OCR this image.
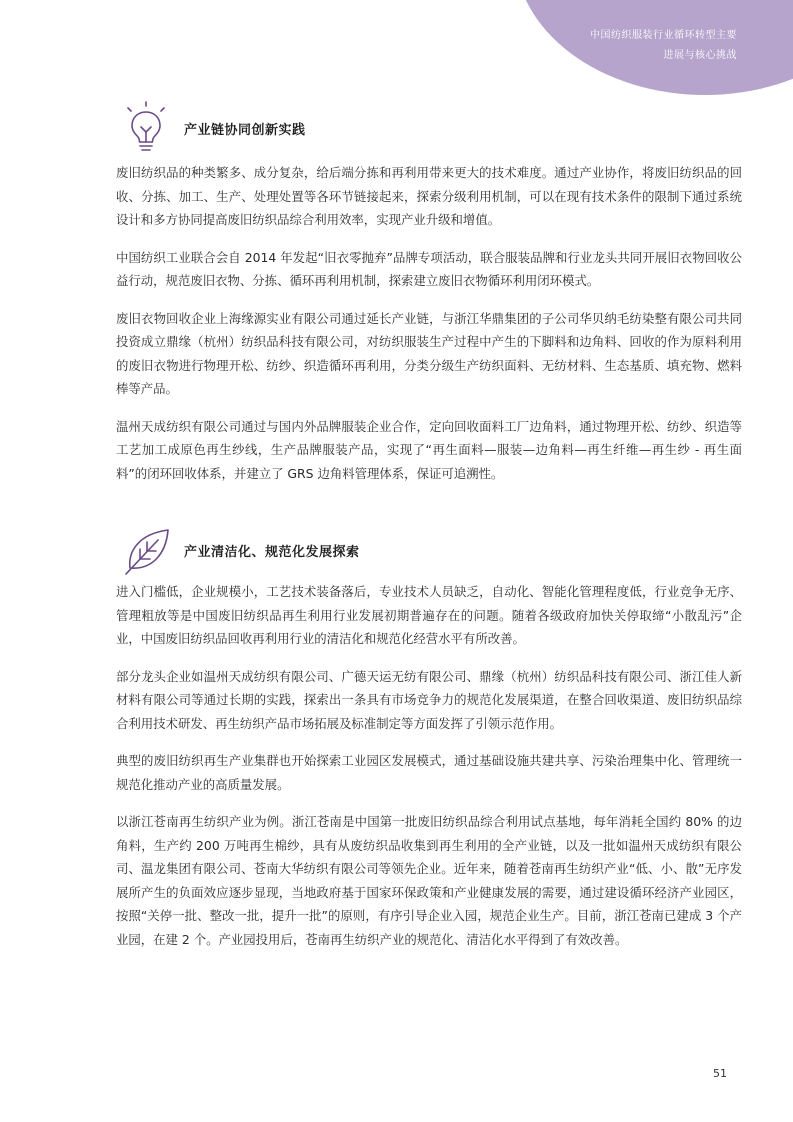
中国纺织服装行业循环转型主要
进展与核心挑战
产业链协同创新实践

废旧纺织品的种类繁多、成分复杂，给后端分拣和再利用带来更大的技术难度。通过产业协作，将废旧纺织品的回收、分拣、加工、生产、处理处置等各环节链接起来，探索分级利用机制，可以在现有技术条件的限制下通过系统设计和多方协同提高废旧纺织品综合利用效率，实现产业升级和增值。

中国纺织工业联合会自 2014 年发起“旧衣零抛弃”品牌专项活动，联合服装品牌和行业龙头共同开展旧衣物回收公益行动，规范废旧衣物、分拣、循环再利用机制，探索建立废旧衣物循环利用闭环模式。

废旧衣物回收企业上海缘源实业有限公司通过延长产业链，与浙江华鼎集团的子公司华贝纳毛纺染整有限公司共同投资成立鼎缘（杭州）纺织品科技有限公司，对纺织服装生产过程中产生的下脚料和边角料、回收的作为原料利用的废旧衣物进行物理开松、纺纱、织造循环再利用，分类分级生产纺织面料、无纺材料、生态基质、填充物、燃料棒等产品。

温州天成纺织有限公司通过与国内外品牌服装企业合作，定向回收面料工厂边角料，通过物理开松、纺纱、织造等工艺加工成原色再生纱线，生产品牌服装产品，实现了“再生面料—服装—边角料—再生纤维—再生纱 - 再生面料”的闭环回收体系，并建立了 GRS 边角料管理体系，保证可追溯性。

产业清洁化、规范化发展探索

进入门槛低，企业规模小，工艺技术装备落后，专业技术人员缺乏，自动化、智能化管理程度低，行业竞争无序、管理粗放等是中国废旧纺织品再生利用行业发展初期普遍存在的问题。随着各级政府加快关停取缔“小散乱污”企业，中国废旧纺织品回收再利用行业的清洁化和规范化经营水平有所改善。

部分龙头企业如温州天成纺织有限公司、广德天运无纺有限公司、鼎缘（杭州）纺织品科技有限公司、浙江佳人新材料有限公司等通过长期的实践，探索出一条具有市场竞争力的规范化发展渠道，在整合回收渠道、废旧纺织品综合利用技术研发、再生纺织产品市场拓展及标准制定等方面发挥了引领示范作用。

典型的废旧纺织再生产业集群也开始探索工业园区发展模式，通过基础设施共建共享、污染治理集中化、管理统一规范化推动产业的高质量发展。

以浙江苍南再生纺织产业为例。浙江苍南是中国第一批废旧纺织品综合利用试点基地，每年消耗全国约 80% 的边角料，生产约 200 万吨再生棉纱，具有从废纺织品收集到再生利用的全产业链，以及一批如温州天成纺织有限公司、温龙集团有限公司、苍南大华纺织有限公司等领先企业。近年来，随着苍南再生纺织产业“低、小、散”无序发展所产生的负面效应逐步显现，当地政府基于国家环保政策和产业健康发展的需要，通过建设循环经济产业园区，按照“关停一批、整改一批，提升一批”的原则，有序引导企业入园，规范企业生产。目前，浙江苍南已建成 3 个产业园，在建 2 个。产业园投用后，苍南再生纺织产业的规范化、清洁化水平得到了有效改善。

51
